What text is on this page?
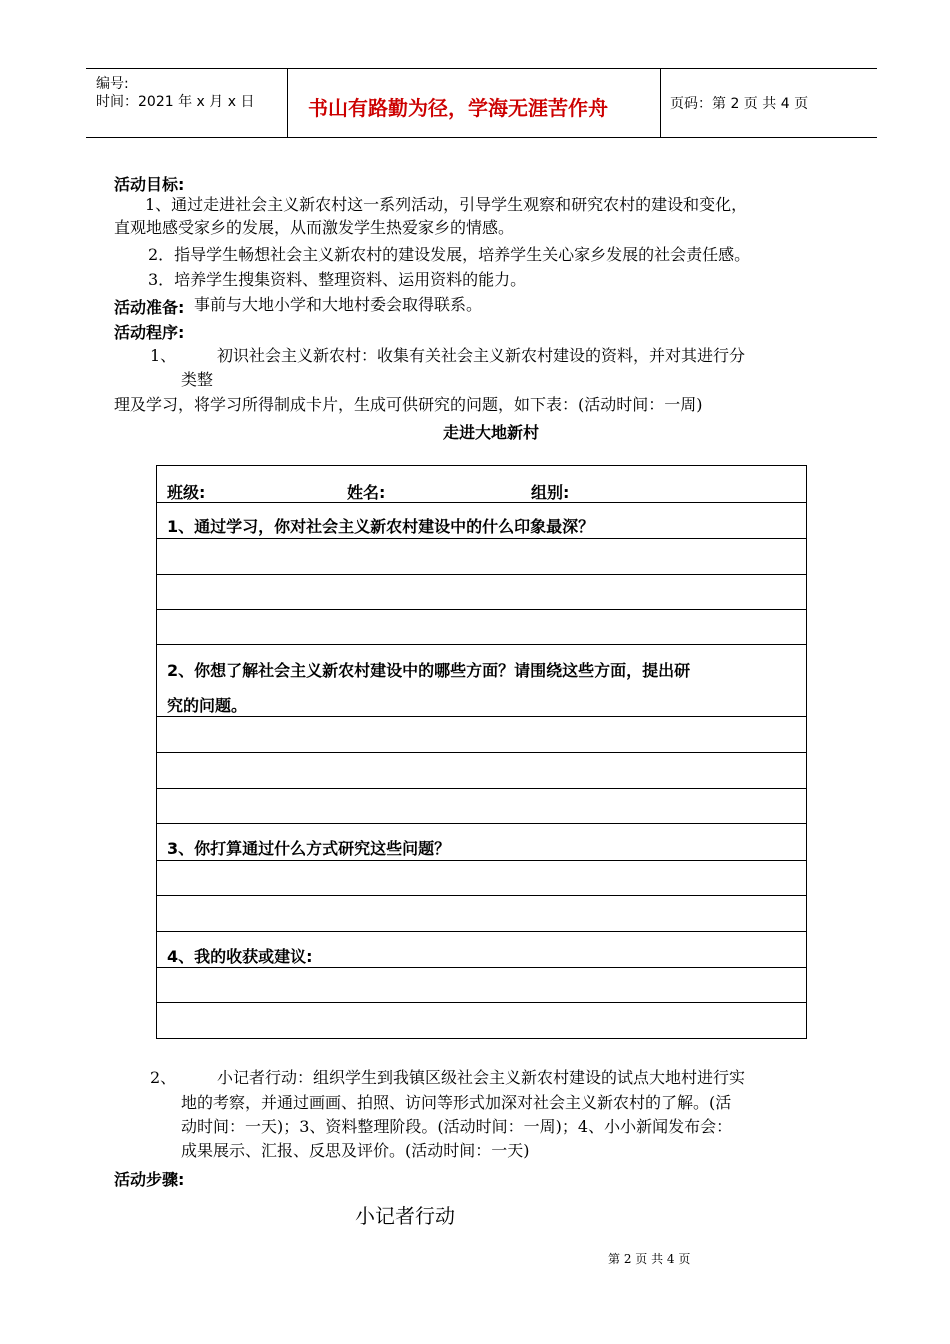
编号:
时间：2021 年 x 月 x 日	书山有路勤为径，学海无涯苦作舟	页码：第 2 页 共 4 页
活动目标:
1、通过走进社会主义新农村这一系列活动，引导学生观察和研究农村的建设和变化，
直观地感受家乡的发展，从而激发学生热爱家乡的情感。
2．指导学生畅想社会主义新农村的建设发展，培养学生关心家乡发展的社会责任感。
3．培养学生搜集资料、整理资料、运用资料的能力。
活动准备: 事前与大地小学和大地村委会取得联系。
活动程序:
1、	初识社会主义新农村：收集有关社会主义新农村建设的资料，并对其进行分
类整
理及学习，将学习所得制成卡片，生成可供研究的问题，如下表：(活动时间：一周)
走进大地新村
班级:	姓名:	组别:
1、通过学习，你对社会主义新农村建设中的什么印象最深？
2、你想了解社会主义新农村建设中的哪些方面？请围绕这些方面，提出研
究的问题。
3、你打算通过什么方式研究这些问题？
4、我的收获或建议:
2、	小记者行动：组织学生到我镇区级社会主义新农村建设的试点大地村进行实
地的考察，并通过画画、拍照、访问等形式加深对社会主义新农村的了解。(活
动时间：一天)；3、资料整理阶段。(活动时间：一周)；4、小小新闻发布会：
成果展示、汇报、反思及评价。(活动时间：一天)
活动步骤:
小记者行动
第 2 页 共 4 页
